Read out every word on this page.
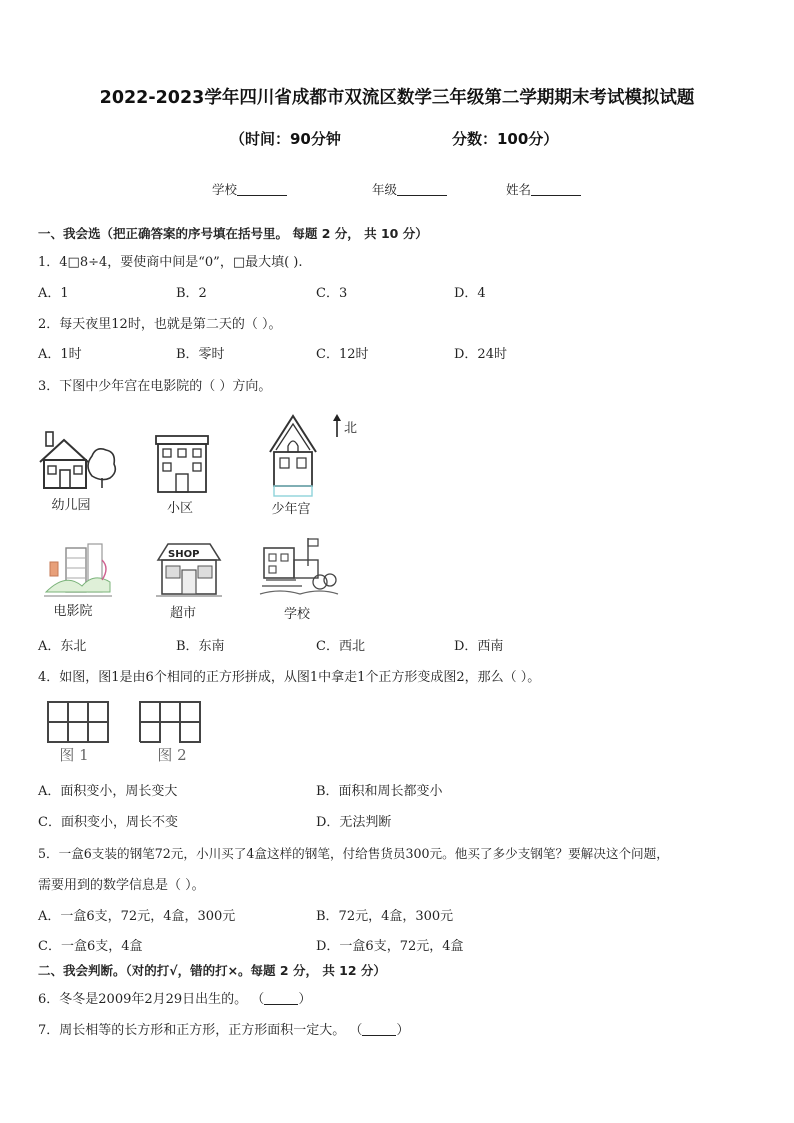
2022-2023学年四川省成都市双流区数学三年级第二学期期末考试模拟试题
（时间：90分钟	分数：100分）
学校	年级	姓名
一、我会选（把正确答案的序号填在括号里。 每题 2 分， 共 10 分）
1．4□8÷4，要使商中间是“0”，□最大填( ).
A．1	B．2	C．3	D．4
2．每天夜里12时，也就是第二天的（ ）。
A．1时	B．零时	C．12时	D．24时
3．下图中少年宫在电影院的（ ）方向。
北
幼儿园	小区	少年宫
电影院
SHOP
超市	学校
A．东北	B．东南	C．西北	D．西南
4．如图，图1是由6个相同的正方形拼成，从图1中拿走1个正方形变成图2，那么（ ）。
图 1	图 2
A．面积变小，周长变大	B．面积和周长都变小
C．面积变小，周长不变	D．无法判断
5．一盒6支装的钢笔72元，小川买了4盒这样的钢笔，付给售货员300元。他买了多少支钢笔？要解决这个问题，
需要用到的数学信息是（ ）。
A．一盒6支，72元，4盒，300元	B．72元，4盒，300元
C．一盒6支，4盒	D．一盒6支，72元，4盒
二、我会判断。（对的打√，错的打×。每题 2 分， 共 12 分）
6．冬冬是2009年2月29日出生的。 （	）
7．周长相等的长方形和正方形，正方形面积一定大。 （	）
